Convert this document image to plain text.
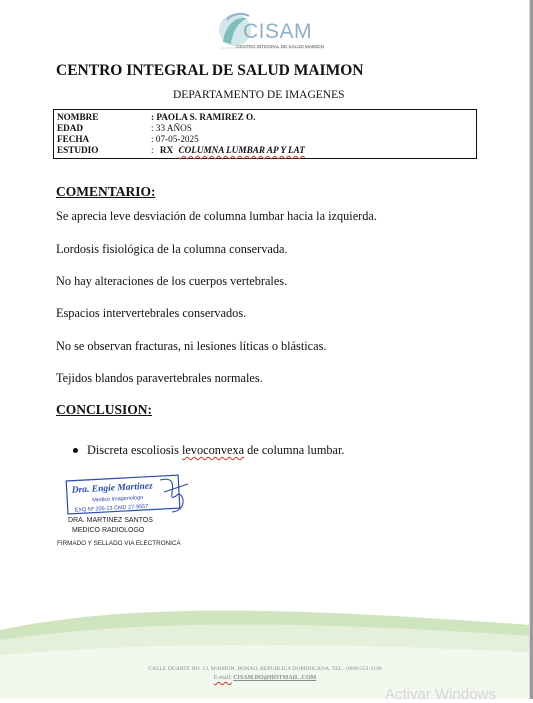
CISAM
CENTRO INTEGRAL DE SALUD MAIMON
CENTRO INTEGRAL DE SALUD MAIMON
DEPARTAMENTO DE IMAGENES
NOMBRE	: PAOLA S. RAMIREZ O.
EDAD	: 33 AÑOS
FECHA	: 07-05-2025
ESTUDIO	: RX COLUMNA LUMBAR AP Y LAT
COMENTARIO:
Se aprecia leve desviación de columna lumbar hacia la izquierda.
Lordosis fisiológica de la columna conservada.
No hay alteraciones de los cuerpos vertebrales.
Espacios intervertebrales conservados.
No se observan fracturas, ni lesiones líticas o blásticas.
Tejidos blandos paravertebrales normales.
CONCLUSION:
Discreta escoliosis levoconvexa de columna lumbar.
Dra. Engie Martinez
Medico Imagenologo
EXQ Nº 206-13 CMD 27-9557
DRA. MARTINEZ SANTOS
MEDICO RADIOLOGO
FIRMADO Y SELLADO VIA ELECTRONICA
CALLE DUARTE NO. 13, MAIMÓN, BONAO, REPUBLICA DOMINICANA, TEL.: (809)-551-2196
E-mail: CISAM.DO@HOTMAIL .COM
Activar Windows
